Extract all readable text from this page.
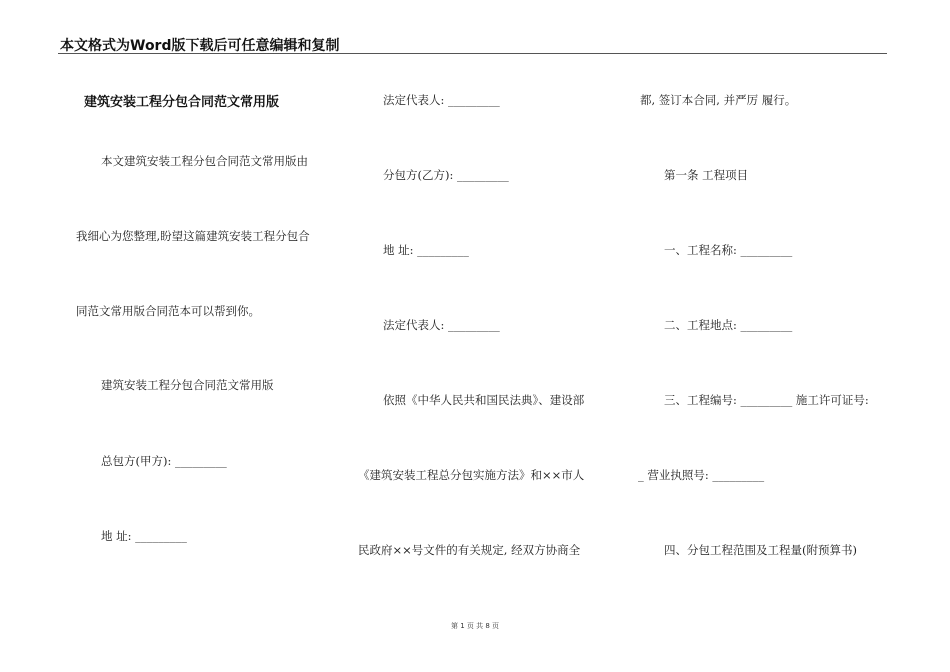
本文格式为Word版下载后可任意编辑和复制
建筑安装工程分包合同范文常用版
本文建筑安装工程分包合同范文常用版由
我细心为您整理,盼望这篇建筑安装工程分包合
同范文常用版合同范本可以帮到你。
建筑安装工程分包合同范文常用版
总包方(甲方): _________
地 址: _________
法定代表人: _________
分包方(乙方): _________
地 址: _________
法定代表人: _________
依照《中华人民共和国民法典》、建设部
《建筑安装工程总分包实施方法》和××市人
民政府××号文件的有关规定, 经双方协商全
都, 签订本合同, 并严厉 履行。
第一条 工程项目
一、工程名称: _________
二、工程地点: _________
三、工程编号: _________ 施工许可证号:
_ 营业执照号: _________
四、分包工程范围及工程量(附预算书)
第 1 页 共 8 页
